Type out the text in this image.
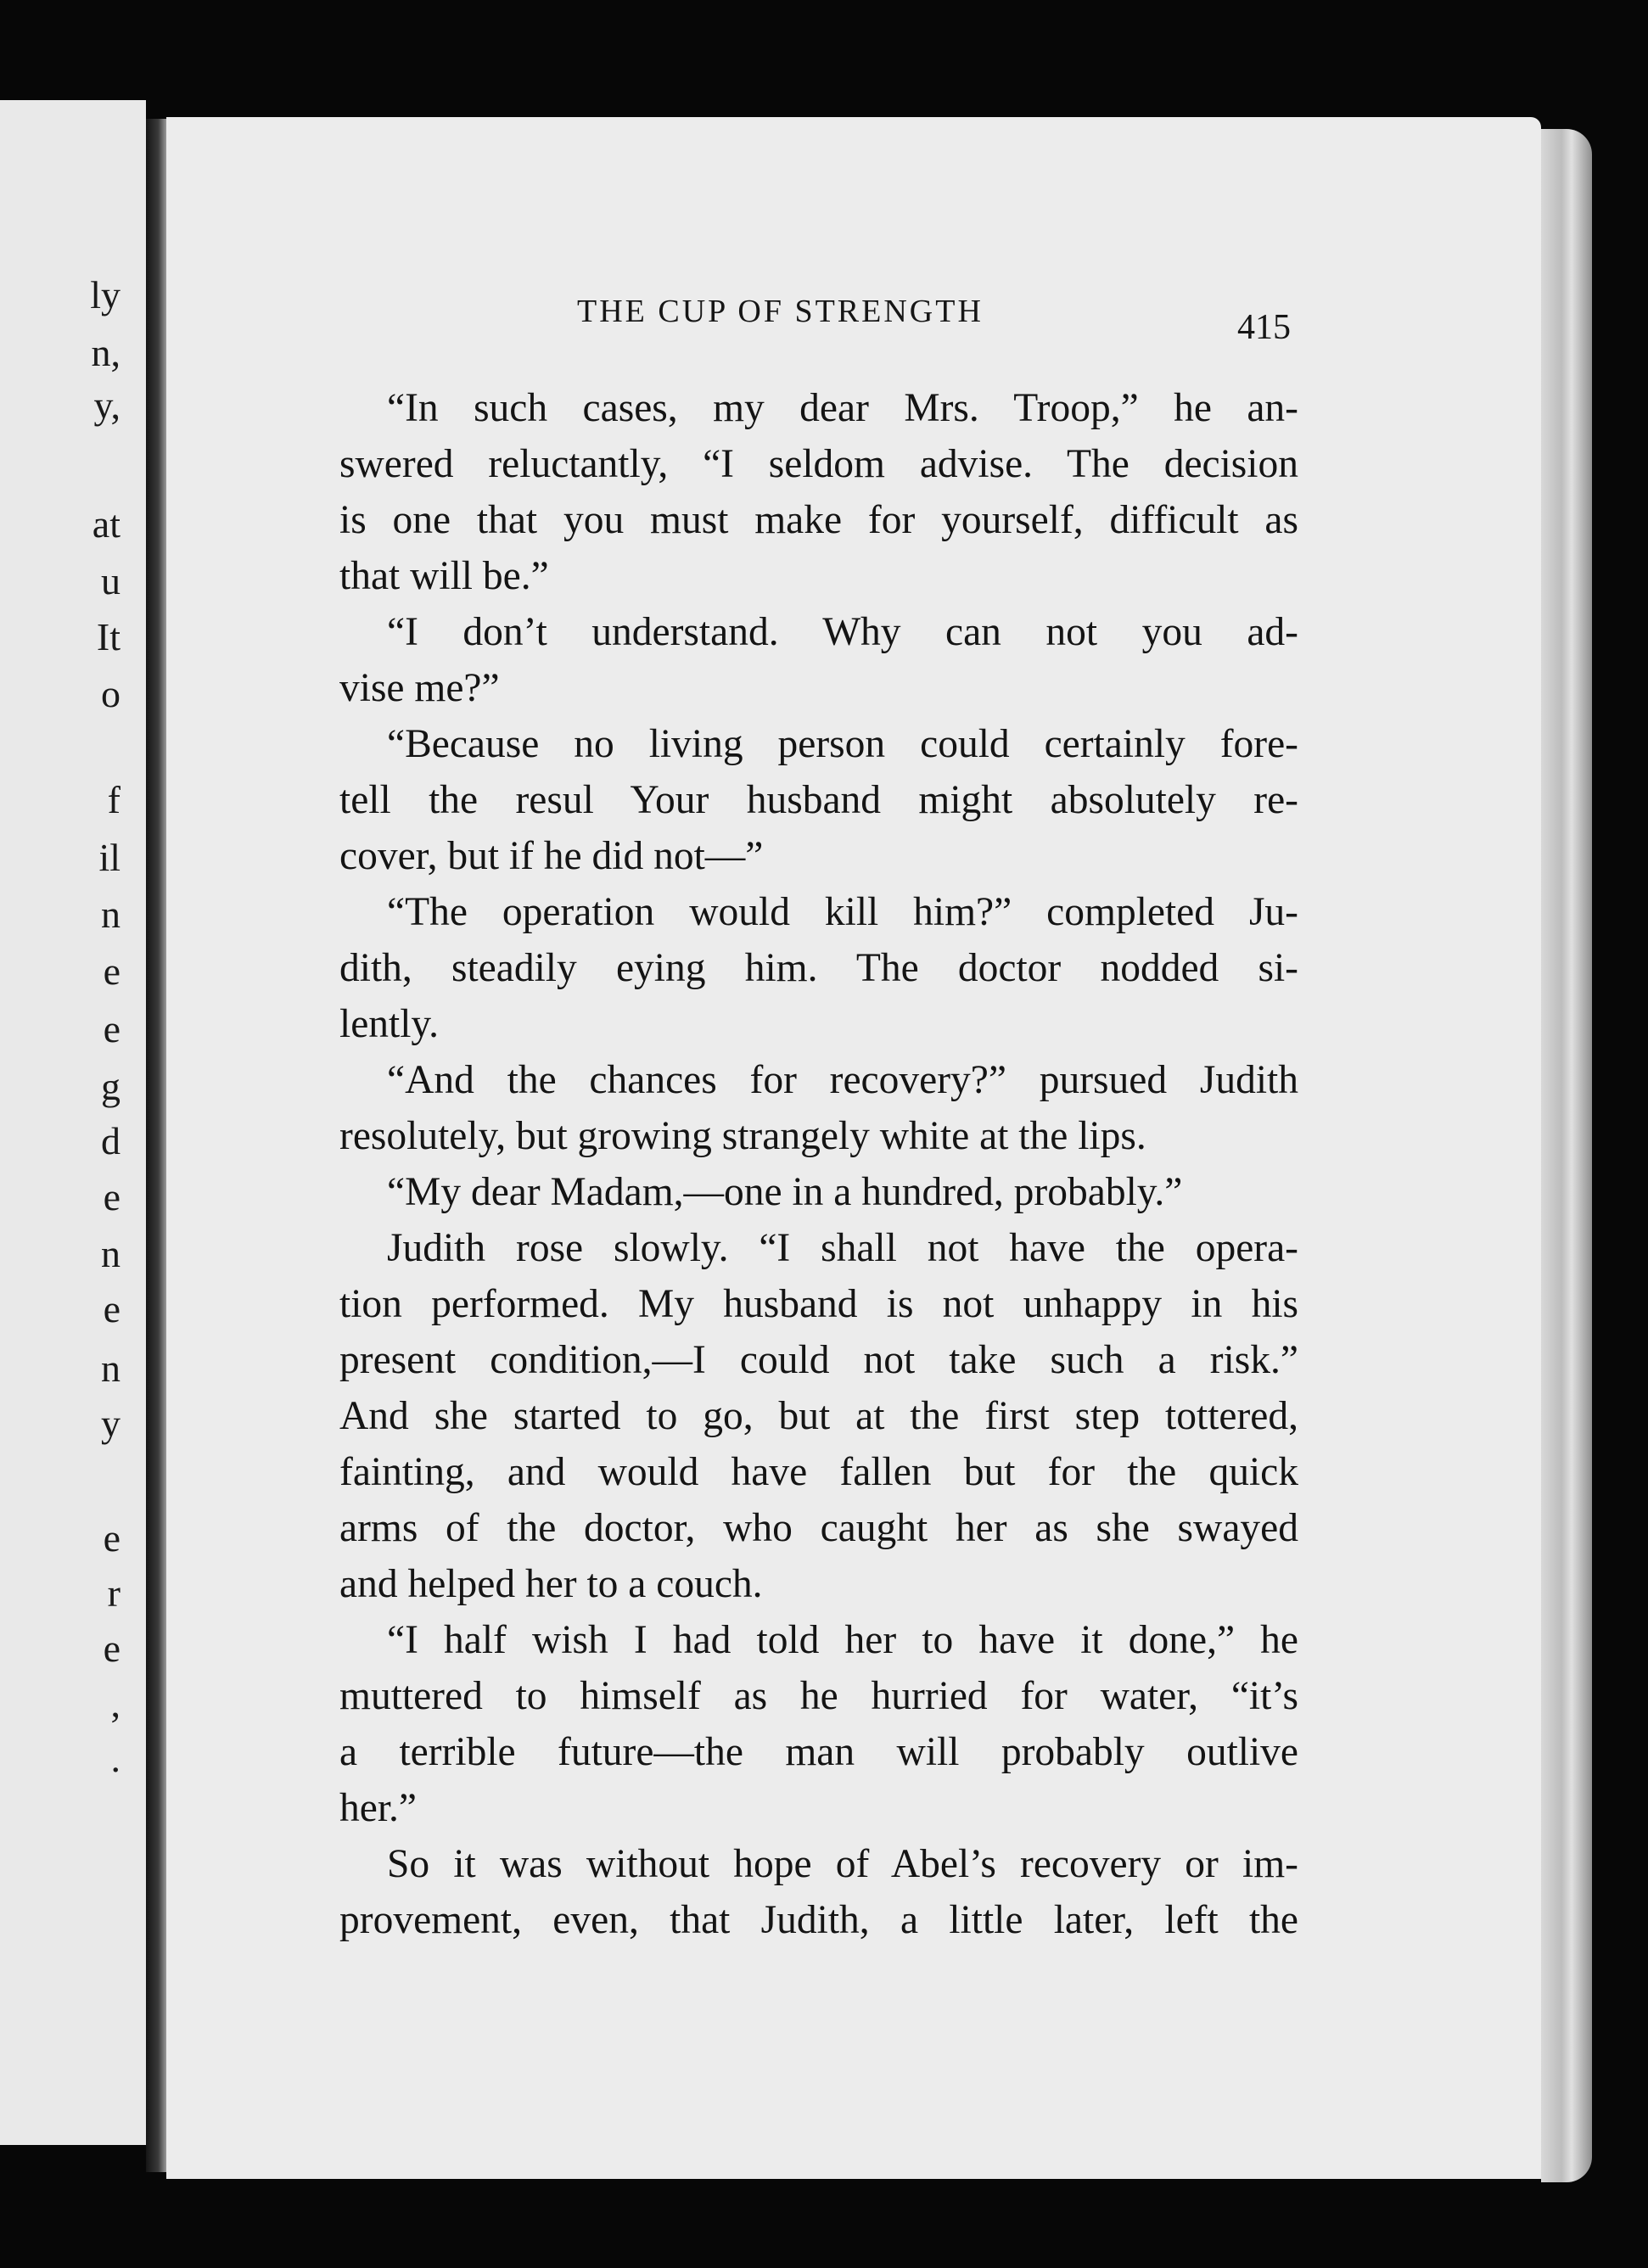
ly
n,
y,
at
u
It
o
f
il
n
e
e
g
d
e
n
e
n
y
e
r
e
,
.
THE CUP OF STRENGTH	415
“In such cases, my dear Mrs. Troop,” he an-
swered reluctantly, “I seldom advise. The decision
is one that you must make for yourself, difficult as
that will be.”
“I don’t understand. Why can not you ad-
vise me?”
“Because no living person could certainly fore-
tell the resul Your husband might absolutely re-
cover, but if he did not—”
“The operation would kill him?” completed Ju-
dith, steadily eying him. The doctor nodded si-
lently.
“And the chances for recovery?” pursued Judith
resolutely, but growing strangely white at the lips.
“My dear Madam,—one in a hundred, probably.”
Judith rose slowly. “I shall not have the opera-
tion performed. My husband is not unhappy in his
present condition,—I could not take such a risk.”
And she started to go, but at the first step tottered,
fainting, and would have fallen but for the quick
arms of the doctor, who caught her as she swayed
and helped her to a couch.
“I half wish I had told her to have it done,” he
muttered to himself as he hurried for water, “it’s
a terrible future—the man will probably outlive
her.”
So it was without hope of Abel’s recovery or im-
provement, even, that Judith, a little later, left the
